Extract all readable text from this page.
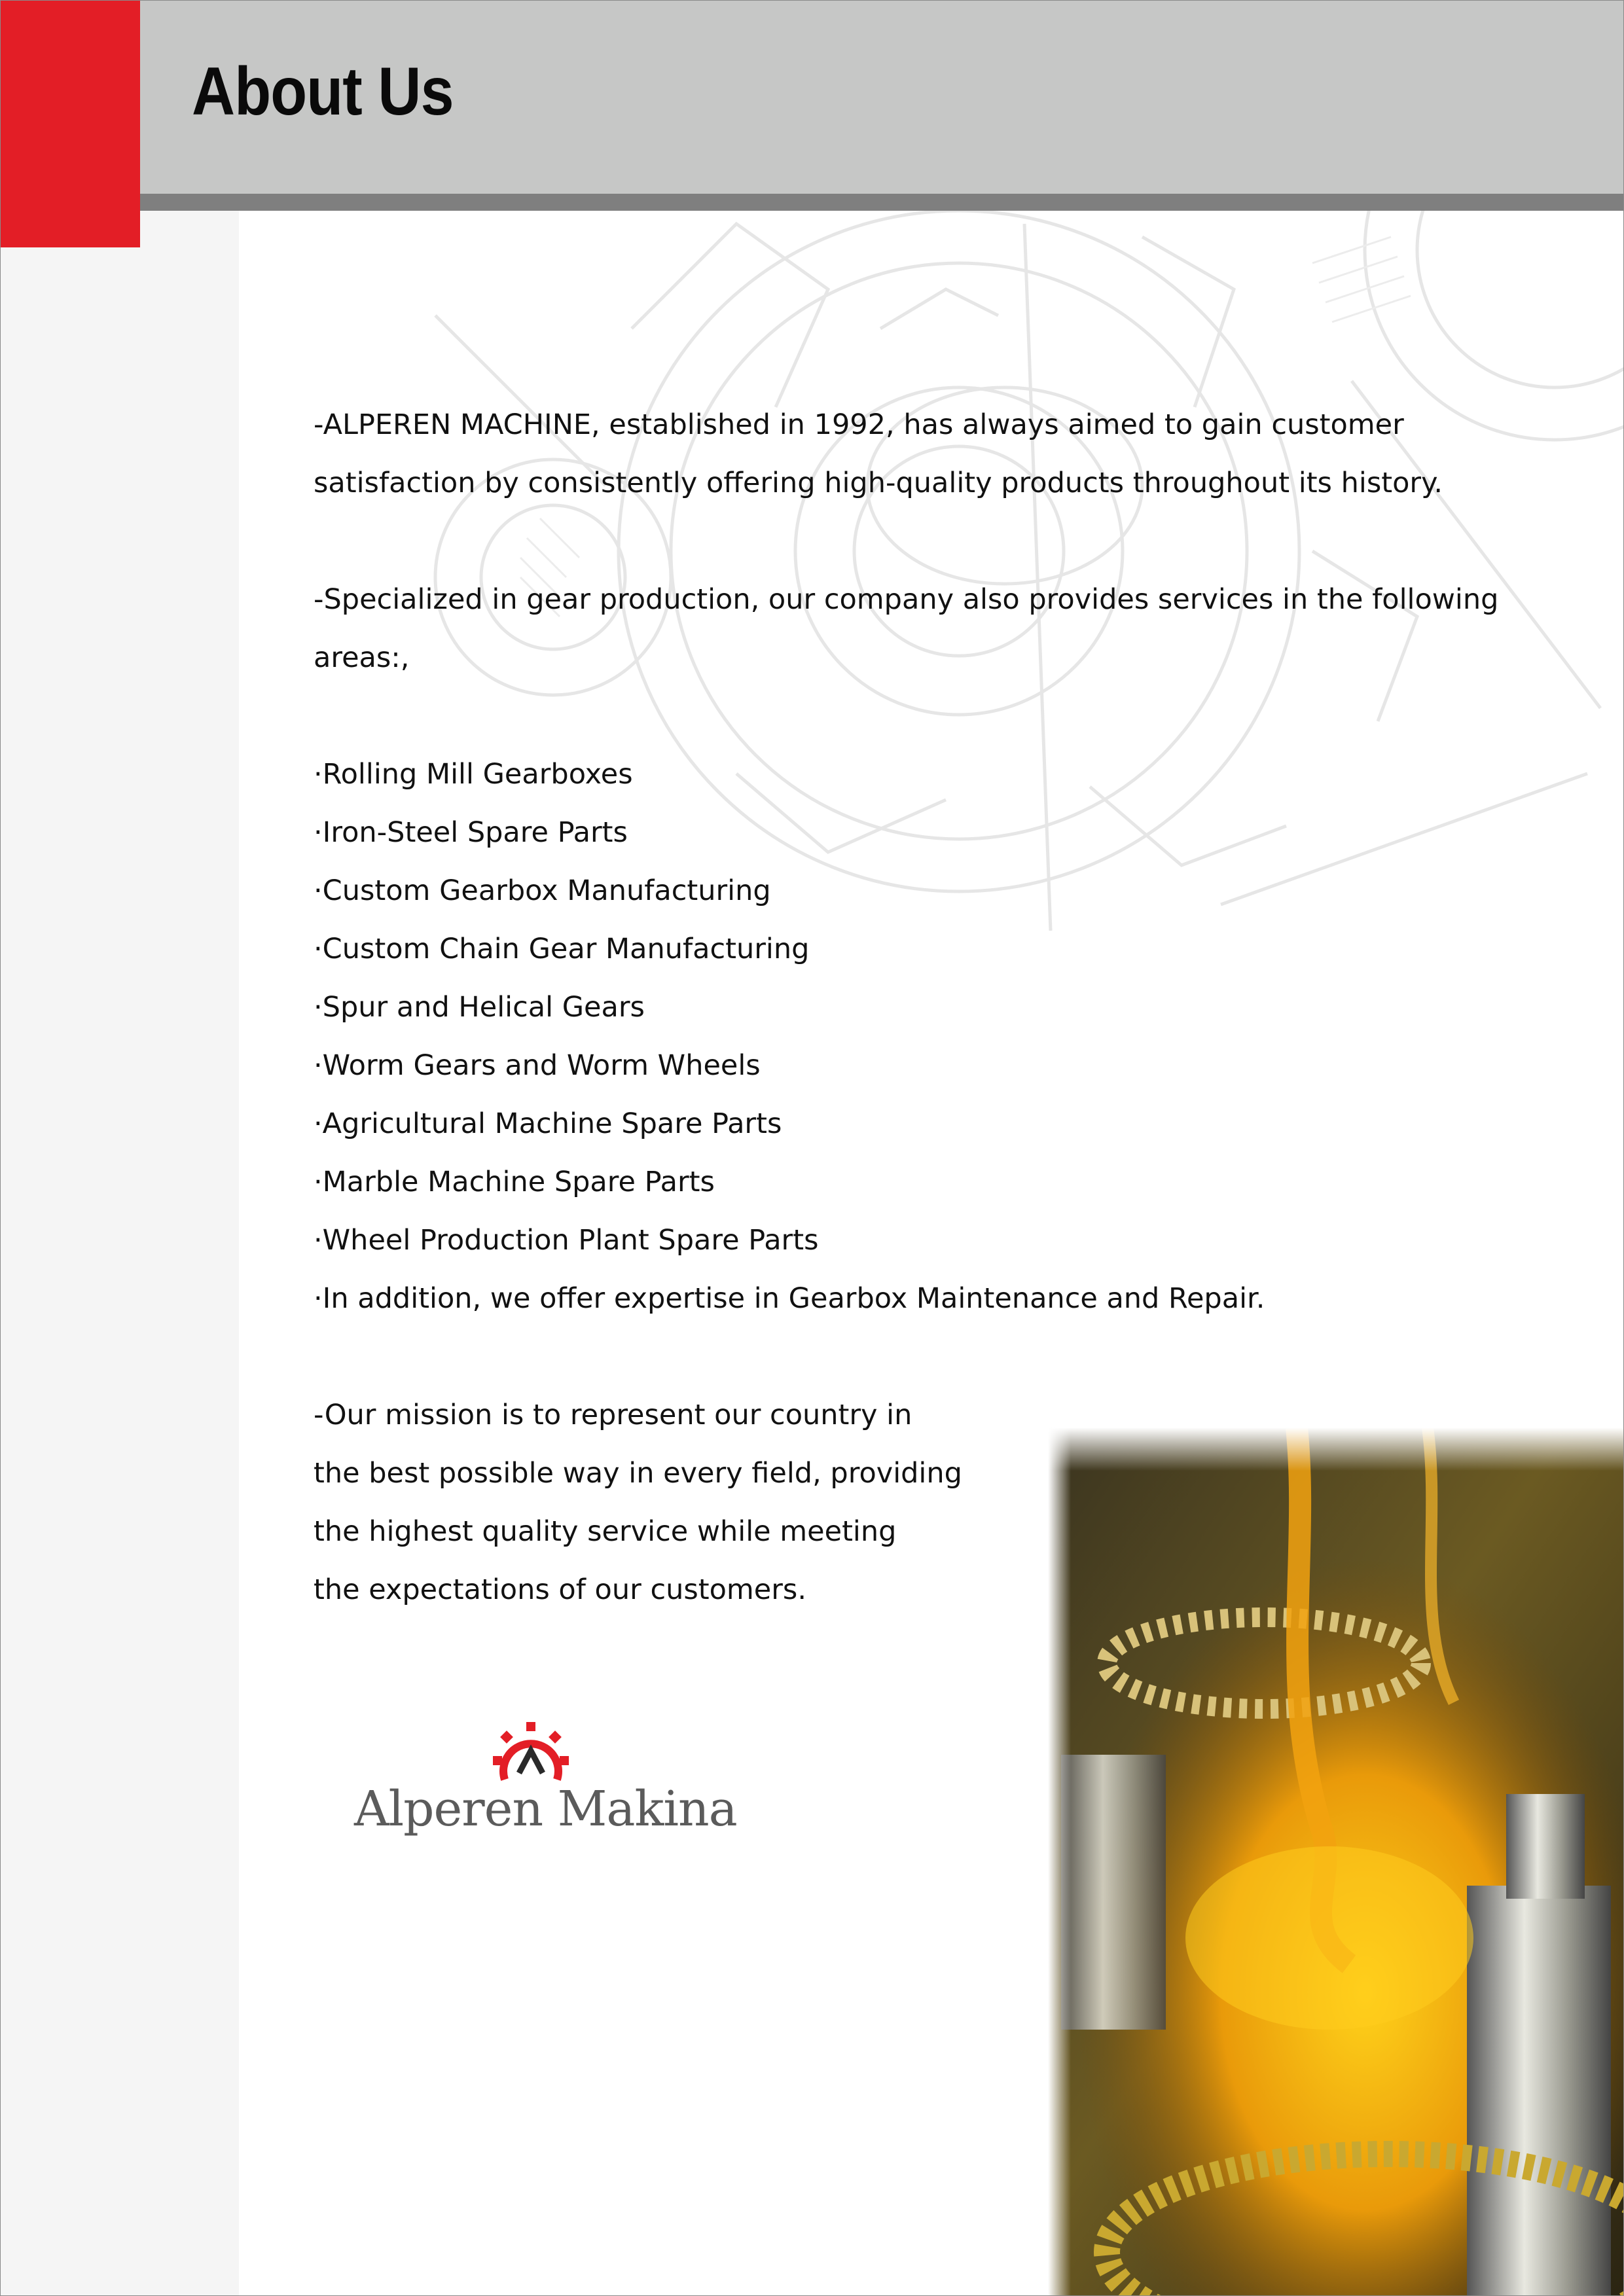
About Us

-ALPEREN MACHINE, established in 1992, has always aimed to gain customer

satisfaction by consistently offering high-quality products throughout its history.

-Specialized in gear production, our company also provides services in the following

areas:,

·Rolling Mill Gearboxes
·Iron-Steel Spare Parts
·Custom Gearbox Manufacturing
·Custom Chain Gear Manufacturing
·Spur and Helical Gears
·Worm Gears and Worm Wheels
·Agricultural Machine Spare Parts
·Marble Machine Spare Parts
·Wheel Production Plant Spare Parts
·In addition, we offer expertise in Gearbox Maintenance and Repair.

-Our mission is to represent our country in

the best possible way in every field, providing

the highest quality service while meeting

the expectations of our customers.

Alperen Makina
